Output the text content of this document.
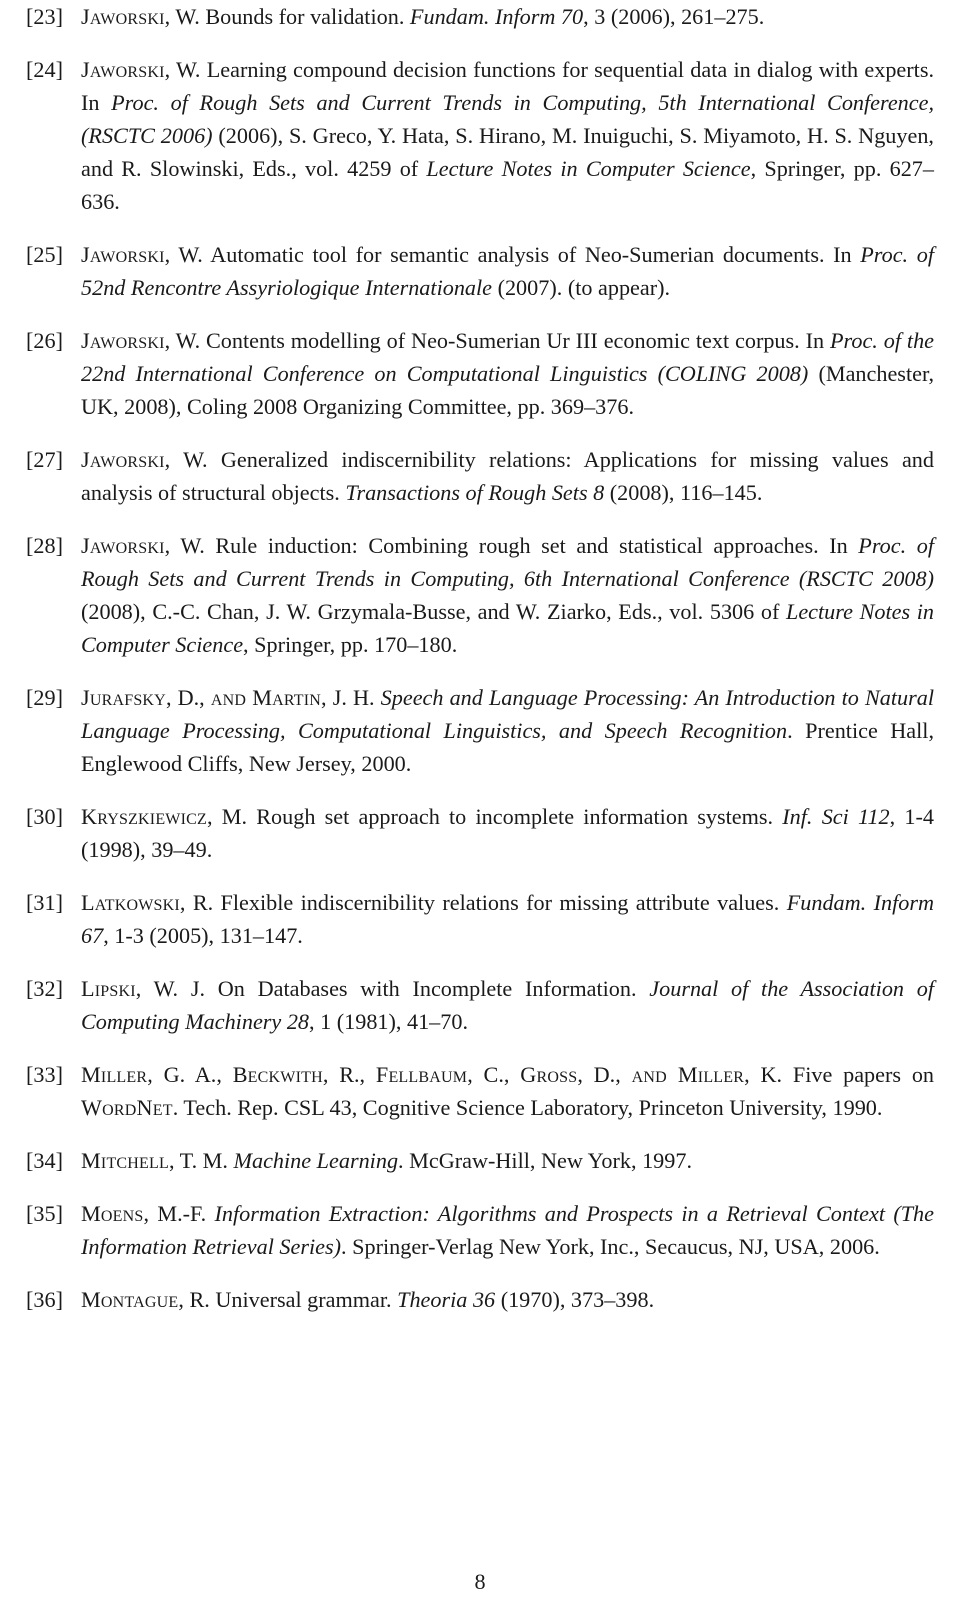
[23] Jaworski, W. Bounds for validation. Fundam. Inform 70, 3 (2006), 261–275.
[24] Jaworski, W. Learning compound decision functions for sequential data in dialog with experts. In Proc. of Rough Sets and Current Trends in Computing, 5th International Conference, (RSCTC 2006) (2006), S. Greco, Y. Hata, S. Hirano, M. Inuiguchi, S. Miyamoto, H. S. Nguyen, and R. Slowinski, Eds., vol. 4259 of Lecture Notes in Computer Science, Springer, pp. 627–636.
[25] Jaworski, W. Automatic tool for semantic analysis of Neo-Sumerian documents. In Proc. of 52nd Rencontre Assyriologique Internationale (2007). (to appear).
[26] Jaworski, W. Contents modelling of Neo-Sumerian Ur III economic text corpus. In Proc. of the 22nd International Conference on Computational Linguistics (COLING 2008) (Manchester, UK, 2008), Coling 2008 Organizing Committee, pp. 369–376.
[27] Jaworski, W. Generalized indiscernibility relations: Applications for missing values and analysis of structural objects. Transactions of Rough Sets 8 (2008), 116–145.
[28] Jaworski, W. Rule induction: Combining rough set and statistical approaches. In Proc. of Rough Sets and Current Trends in Computing, 6th International Conference (RSCTC 2008) (2008), C.-C. Chan, J. W. Grzymala-Busse, and W. Ziarko, Eds., vol. 5306 of Lecture Notes in Computer Science, Springer, pp. 170–180.
[29] Jurafsky, D., and Martin, J. H. Speech and Language Processing: An Introduction to Natural Language Processing, Computational Linguistics, and Speech Recognition. Prentice Hall, Englewood Cliffs, New Jersey, 2000.
[30] Kryszkiewicz, M. Rough set approach to incomplete information systems. Inf. Sci 112, 1-4 (1998), 39–49.
[31] Latkowski, R. Flexible indiscernibility relations for missing attribute values. Fundam. Inform 67, 1-3 (2005), 131–147.
[32] Lipski, W. J. On Databases with Incomplete Information. Journal of the Association of Computing Machinery 28, 1 (1981), 41–70.
[33] Miller, G. A., Beckwith, R., Fellbaum, C., Gross, D., and Miller, K. Five papers on WordNet. Tech. Rep. CSL 43, Cognitive Science Laboratory, Princeton University, 1990.
[34] Mitchell, T. M. Machine Learning. McGraw-Hill, New York, 1997.
[35] Moens, M.-F. Information Extraction: Algorithms and Prospects in a Retrieval Context (The Information Retrieval Series). Springer-Verlag New York, Inc., Secaucus, NJ, USA, 2006.
[36] Montague, R. Universal grammar. Theoria 36 (1970), 373–398.
8
